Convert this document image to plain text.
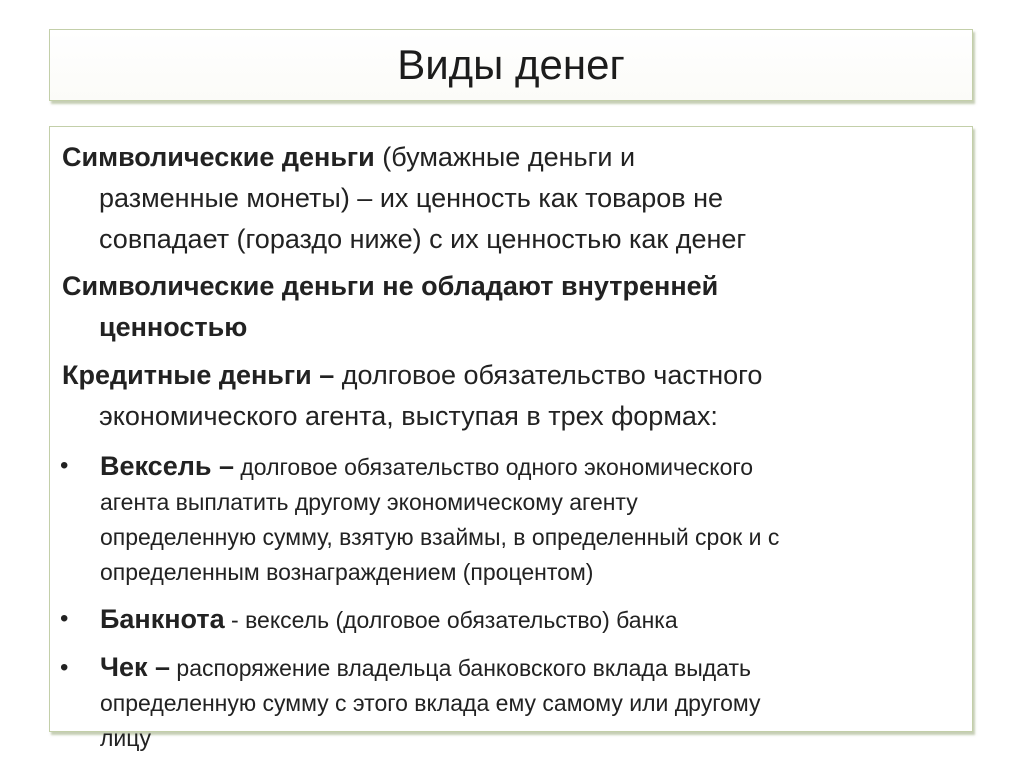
Виды денег
Символические деньги (бумажные деньги и
разменные монеты) – их ценность как товаров не
совпадает (гораздо ниже) с их ценностью как денег
Символические деньги не обладают внутренней
ценностью
Кредитные деньги – долговое обязательство частного
экономического агента, выступая в трех формах:
• Вексель – долговое обязательство одного экономического
агента выплатить другому экономическому агенту
определенную сумму, взятую взаймы, в определенный срок и с
определенным вознаграждением (процентом)
• Банкнота - вексель (долговое обязательство) банка
• Чек – распоряжение владельца банковского вклада выдать
определенную сумму с этого вклада ему самому или другому
лицу
